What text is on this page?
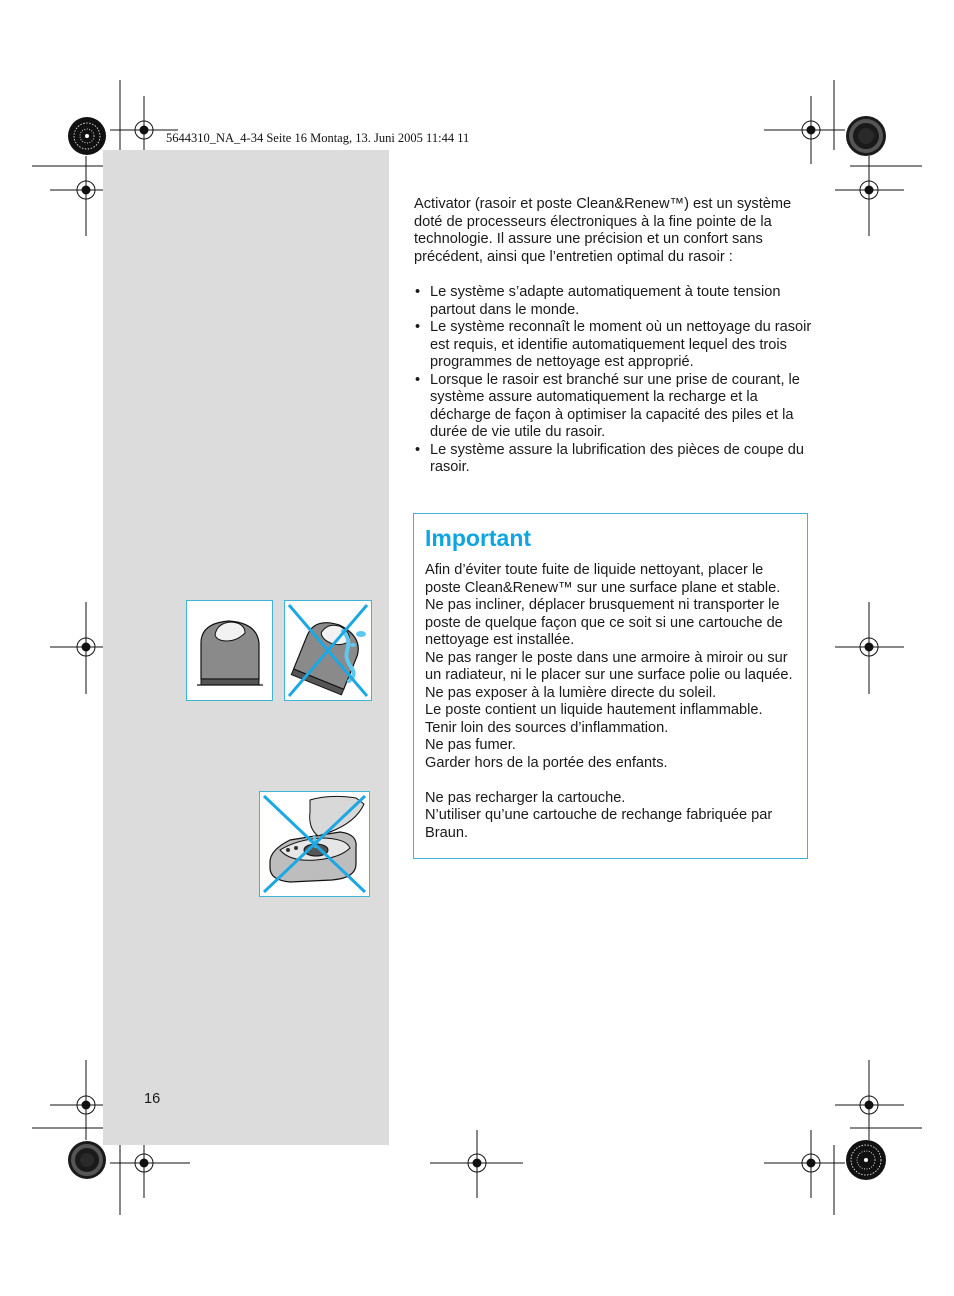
5644310_NA_4-34 Seite 16 Montag, 13. Juni 2005 11:44 11

Activator (rasoir et poste Clean&Renew™) est un système doté de processeurs électroniques à la fine pointe de la technologie. Il assure une précision et un confort sans précédent, ainsi que l’entretien optimal du rasoir :

• Le système s’adapte automatiquement à toute tension partout dans le monde.
• Le système reconnaît le moment où un nettoyage du rasoir est requis, et identifie automatiquement lequel des trois programmes de nettoyage est approprié.
• Lorsque le rasoir est branché sur une prise de courant, le système assure automatiquement la recharge et la décharge de façon à optimiser la capacité des piles et la durée de vie utile du rasoir.
• Le système assure la lubrification des pièces de coupe du rasoir.
Important

Afin d’éviter toute fuite de liquide nettoyant, placer le poste Clean&Renew™ sur une surface plane et stable.

Ne pas incliner, déplacer brusquement ni transporter le poste de quelque façon que ce soit si une cartouche de nettoyage est installée.

Ne pas ranger le poste dans une armoire à miroir ou sur un radiateur, ni le placer sur une surface polie ou laquée. Ne pas exposer à la lumière directe du soleil.

Le poste contient un liquide hautement inflammable.

Tenir loin des sources d’inflammation.

Ne pas fumer.

Garder hors de la portée des enfants.

Ne pas recharger la cartouche.

N’utiliser qu’une cartouche de rechange fabriquée par Braun.

16
